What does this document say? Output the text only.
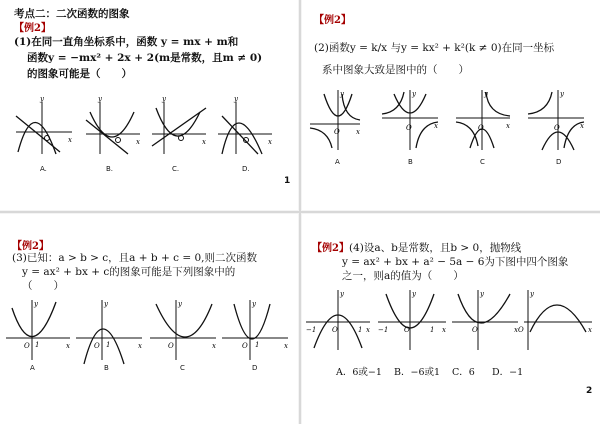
考点二：二次函数的图象
【例2】
(1)在同一直角坐标系中，函数 y = mx + m和
函数y = −mx² + 2x + 2(m是常数，且m ≠ 0)
的图象可能是（　　）
y
x
y
x
y
x
y
x
A.	B.	C.	D.
1
【例2】
(2)函数y = k/x 与y = kx² + k²(k ≠ 0)在同一坐标
系中图象大致是图中的（　　）
y
O x
y
O	x
y
O	x
y
O	x
A	B	C	D
【例2】
(3)已知：a > b > c，且a + b + c = 0,则二次函数
y = ax² + bx + c的图象可能是下列图象中的
（　　）
y
O 1	x
y
O 1	x
y
O	x
y
O 1	x
A	B	C	D
【例2】(4)设a、b是常数，且b > 0，抛物线
y = ax² + bx + a² − 5a − 6为下图中四个图象
之一，则a的值为（　　）
y
−1 O	1 x
y
−1 O	1 x
y
O	x
y
O	x
A．6或−1 B．−6或1 C．6 D．−1
2
